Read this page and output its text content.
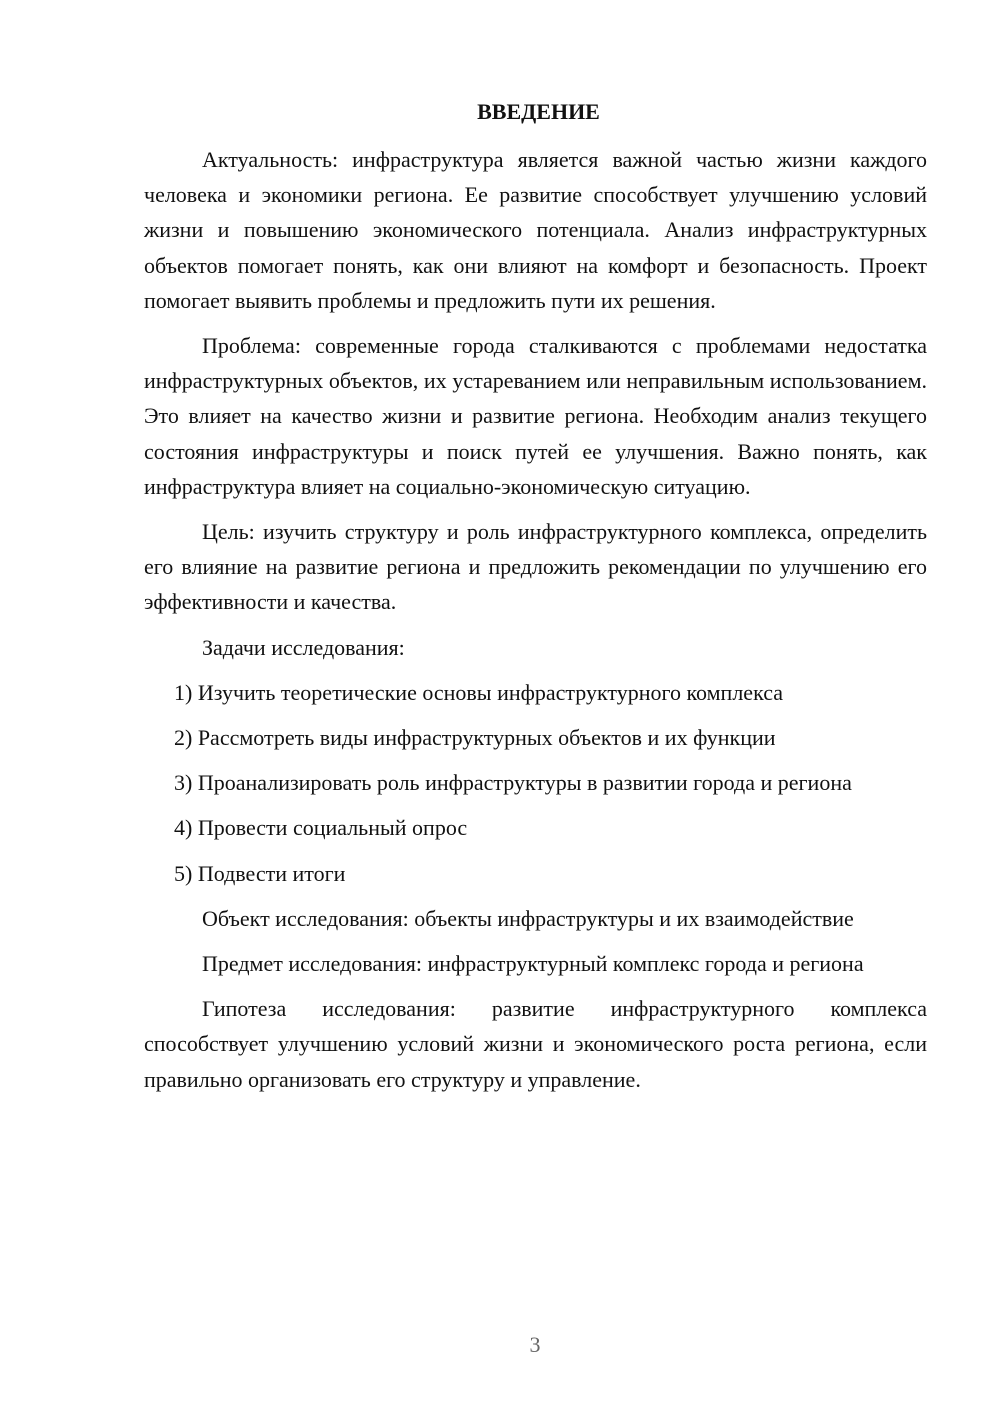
ВВЕДЕНИЕ

Актуальность: инфраструктура является важной частью жизни каждого человека и экономики региона. Ее развитие способствует улучшению условий жизни и повышению экономического потенциала. Анализ инфраструктурных объектов помогает понять, как они влияют на комфорт и безопасность. Проект помогает выявить проблемы и предложить пути их решения.

Проблема: современные города сталкиваются с проблемами недостатка инфраструктурных объектов, их устареванием или неправильным использованием. Это влияет на качество жизни и развитие региона. Необходим анализ текущего состояния инфраструктуры и поиск путей ее улучшения. Важно понять, как инфраструктура влияет на социально-экономическую ситуацию.

Цель: изучить структуру и роль инфраструктурного комплекса, определить его влияние на развитие региона и предложить рекомендации по улучшению его эффективности и качества.

Задачи исследования:

1) Изучить теоретические основы инфраструктурного комплекса

2) Рассмотреть виды инфраструктурных объектов и их функции

3) Проанализировать роль инфраструктуры в развитии города и региона

4) Провести социальный опрос

5) Подвести итоги

Объект исследования: объекты инфраструктуры и их взаимодействие

Предмет исследования: инфраструктурный комплекс города и региона

Гипотеза исследования: развитие инфраструктурного комплекса способствует улучшению условий жизни и экономического роста региона, если правильно организовать его структуру и управление.

3
